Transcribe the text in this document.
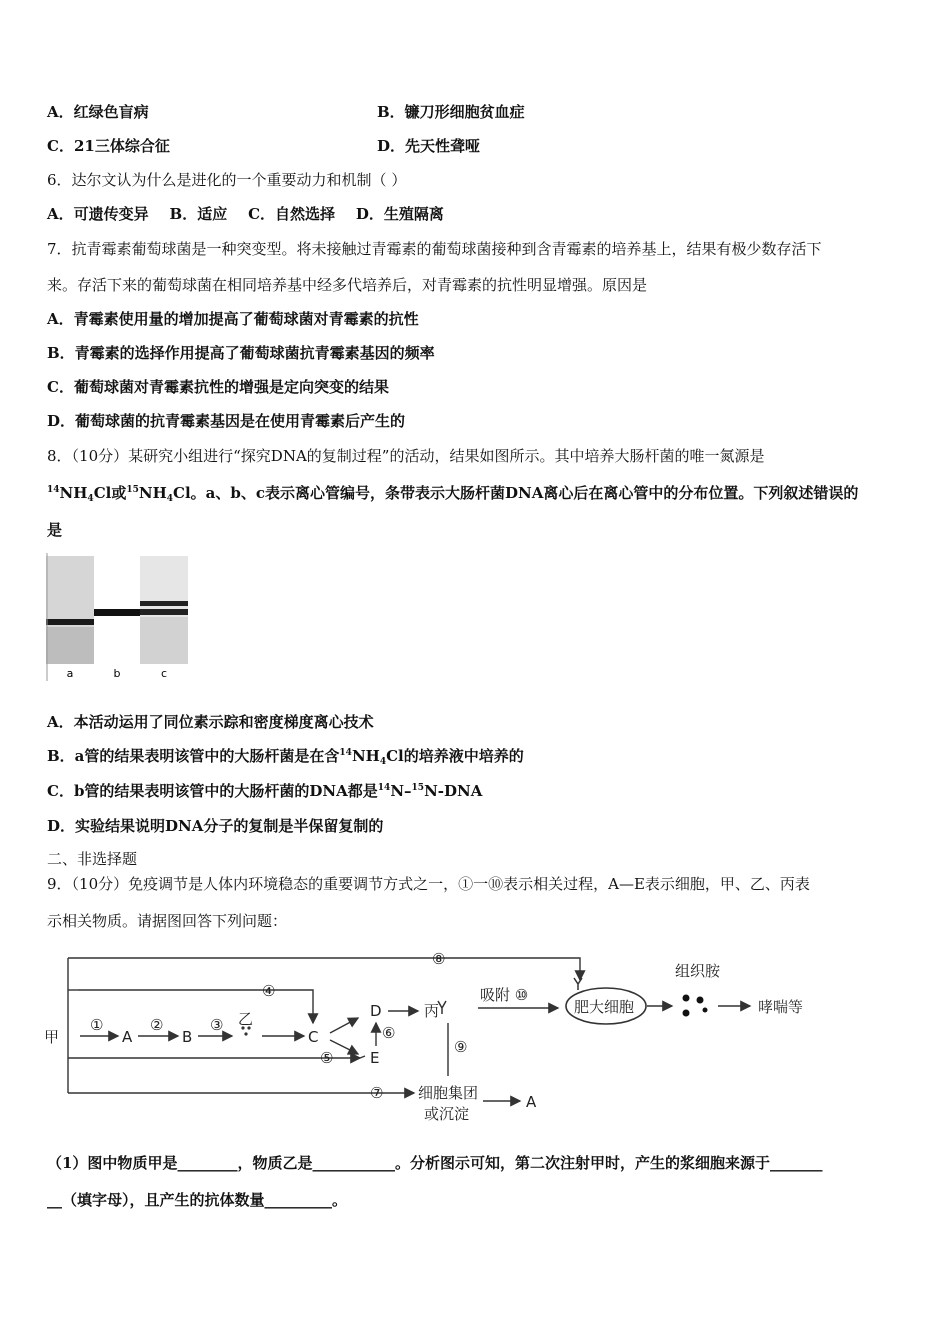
A．红绿色盲病	B．镰刀形细胞贫血症
C．21三体综合征	D．先天性聋哑
6．达尔文认为什么是进化的一个重要动力和机制（ ）
A．可遗传变异    B．适应    C．自然选择    D．生殖隔离
7．抗青霉素葡萄球菌是一种突变型。将未接触过青霉素的葡萄球菌接种到含青霉素的培养基上，结果有极少数存活下
来。存活下来的葡萄球菌在相同培养基中经多代培养后，对青霉素的抗性明显增强。原因是
A．青霉素使用量的增加提高了葡萄球菌对青霉素的抗性
B．青霉素的选择作用提高了葡萄球菌抗青霉素基因的频率
C．葡萄球菌对青霉素抗性的增强是定向突变的结果
D．葡萄球菌的抗青霉素基因是在使用青霉素后产生的
8．（10分）某研究小组进行“探究DNA的复制过程”的活动，结果如图所示。其中培养大肠杆菌的唯一氮源是
$^{14}NH_4Cl$或$^{15}NH_4Cl$。a、b、c表示离心管编号，条带表示大肠杆菌DNA离心后在离心管中的分布位置。下列叙述错误的
是
a	b	c
A．本活动运用了同位素示踪和密度梯度离心技术
B．a管的结果表明该管中的大肠杆菌是在含$^{14}NH_4Cl$的培养液中培养的
C．b管的结果表明该管中的大肠杆菌的DNA都是$^{14}$N–$^{15}$N-DNA
D．实验结果说明DNA分子的复制是半保留复制的
二、非选择题
9．（10分）免疫调节是人体内环境稳态的重要调节方式之一，①一⑩表示相关过程，A—E表示细胞，甲、乙、丙表
示相关物质。请据图回答下列问题：
甲
①
A
②
B
③ 乙
C
④
⑤
D
E
⑥
丙
吸附 ⑩
肥大细胞
⑧
组织胺
哮喘等
⑨
⑦ 细胞集团
或沉淀
A
（1）图中物质甲是________，物质乙是___________。分析图示可知，第二次注射甲时，产生的浆细胞来源于_______
__（填字母），且产生的抗体数量_________。
